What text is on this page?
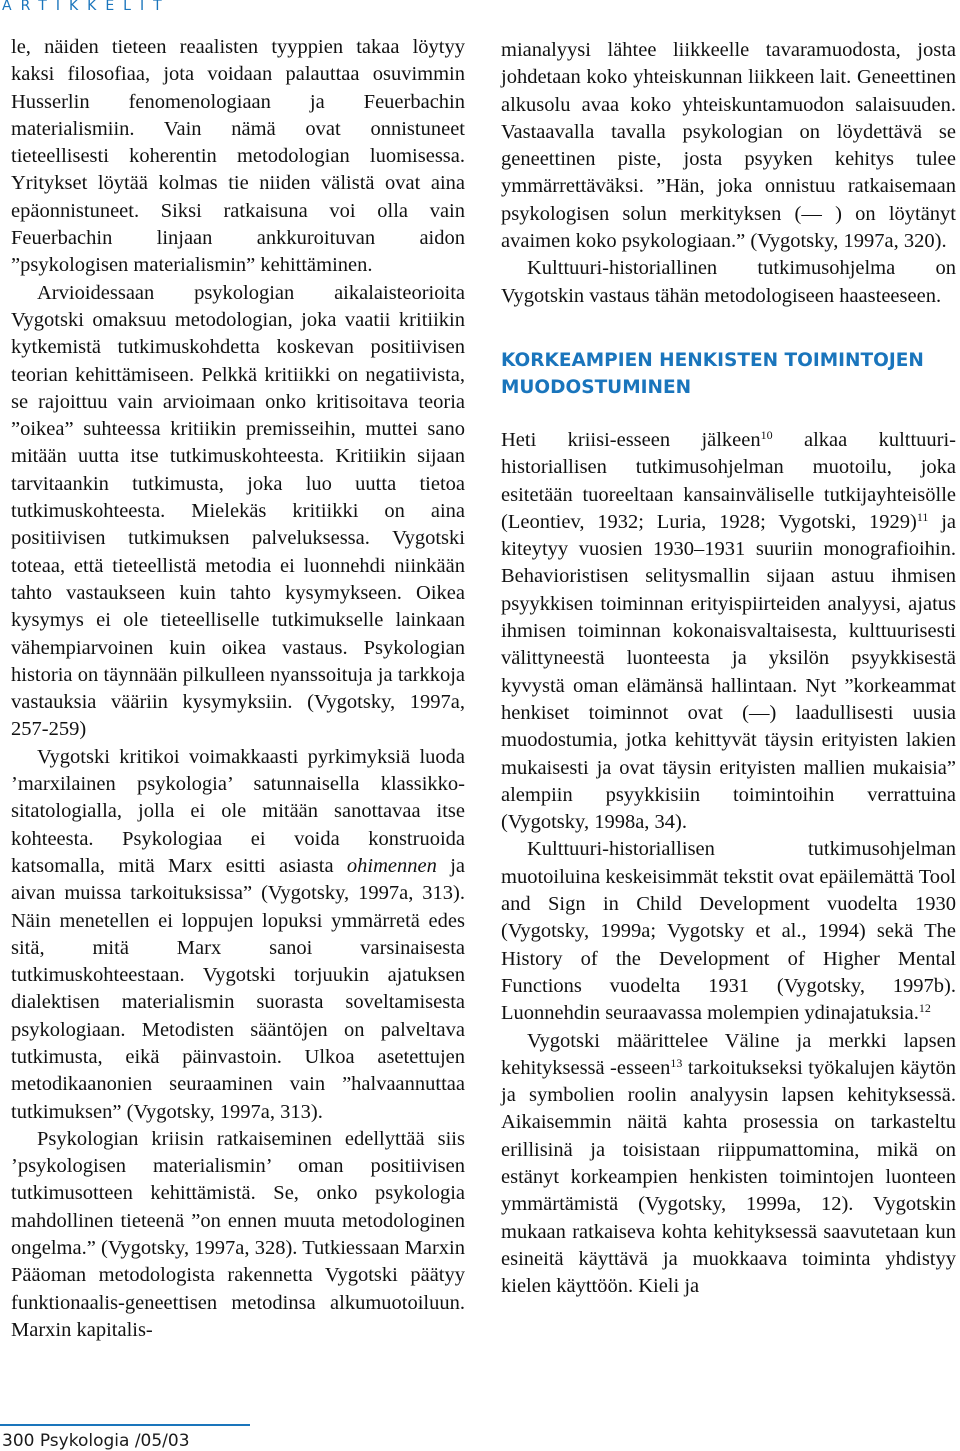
ARTIKKELIT

le, näiden tieteen reaalisten tyyppien takaa löytyy kaksi filosofiaa, jota voidaan palauttaa osuvimmin Husserlin fenomenologiaan ja Feuerbachin materialismiin. Vain nämä ovat onnistuneet tieteellisesti koherentin metodologian luomisessa. Yritykset löytää kolmas tie niiden välistä ovat aina epäonnistuneet. Siksi ratkaisuna voi olla vain Feuerbachin linjaan ankkuroituvan aidon ”psykologisen materialismin” kehittäminen.

Arvioidessaan psykologian aikalaisteorioita Vygotski omaksuu metodologian, joka vaatii kritiikin kytkemistä tutkimuskohdetta koskevan positiivisen teorian kehittämiseen. Pelkkä kritiikki on negatiivista, se rajoittuu vain arvioimaan onko kritisoitava teoria ”oikea” suhteessa kritiikin premisseihin, muttei sano mitään uutta itse tutkimuskohteesta. Kritiikin sijaan tarvitaankin tutkimusta, joka luo uutta tietoa tutkimuskohteesta. Mielekäs kritiikki on aina positiivisen tutkimuksen palveluksessa. Vygotski toteaa, että tieteellistä metodia ei luonnehdi niinkään tahto vastaukseen kuin tahto kysymykseen. Oikea kysymys ei ole tieteelliselle tutkimukselle lainkaan vähempiarvoinen kuin oikea vastaus. Psykologian historia on täynnään pilkulleen nyanssoituja ja tarkkoja vastauksia vääriin kysymyksiin. (Vygotsky, 1997a, 257-259)

Vygotski kritikoi voimakkaasti pyrkimyksiä luoda ’marxilainen psykologia’ satunnaisella klassikko-sitatologialla, jolla ei ole mitään sanottavaa itse kohteesta. Psykologiaa ei voida konstruoida katsomalla, mitä Marx esitti asiasta ohimennen ja aivan muissa tarkoituksissa” (Vygotsky, 1997a, 313). Näin menetellen ei loppujen lopuksi ymmärretä edes sitä, mitä Marx sanoi varsinaisesta tutkimuskohteestaan. Vygotski torjuukin ajatuksen dialektisen materialismin suorasta soveltamisesta psykologiaan. Metodisten sääntöjen on palveltava tutkimusta, eikä päinvastoin. Ulkoa asetettujen metodikaanonien seuraaminen vain ”halvaannuttaa tutkimuksen” (Vygotsky, 1997a, 313).

Psykologian kriisin ratkaiseminen edellyttää siis ’psykologisen materialismin’ oman positiivisen tutkimusotteen kehittämistä. Se, onko psykologia mahdollinen tieteenä ”on ennen muuta metodologinen ongelma.” (Vygotsky, 1997a, 328). Tutkiessaan Marxin Pääoman metodologista rakennetta Vygotski päätyy funktionaalis-geneettisen metodinsa alkumuotoiluun. Marxin kapitalis-

mianalyysi lähtee liikkeelle tavaramuodosta, josta johdetaan koko yhteiskunnan liikkeen lait. Geneettinen alkusolu avaa koko yhteiskuntamuodon salaisuuden. Vastaavalla tavalla psykologian on löydettävä se geneettinen piste, josta psyyken kehitys tulee ymmärrettäväksi. ”Hän, joka onnistuu ratkaisemaan psykologisen solun merkityksen (— ) on löytänyt avaimen koko psykologiaan.” (Vygotsky, 1997a, 320).

Kulttuuri-historiallinen tutkimusohjelma on Vygotskin vastaus tähän metodologiseen haasteeseen.

KORKEAMPIEN HENKISTEN TOIMINTOJEN
MUODOSTUMINEN

Heti kriisi-esseen jälkeen$^{10}$ alkaa kulttuuri-historiallisen tutkimusohjelman muotoilu, joka esitetään tuoreeltaan kansainväliselle tutkijayhteisölle (Leontiev, 1932; Luria, 1928; Vygotski, 1929)$^{11}$ ja kiteytyy vuosien 1930–1931 suuriin monografioihin. Behavioristisen selitysmallin sijaan astuu ihmisen psyykkisen toiminnan erityispiirteiden analyysi, ajatus ihmisen toiminnan kokonaisvaltaisesta, kulttuurisesti välittyneestä luonteesta ja yksilön psyykkisestä kyvystä oman elämänsä hallintaan. Nyt ”korkeammat henkiset toiminnot ovat (—) laadullisesti uusia muodostumia, jotka kehittyvät täysin erityisten lakien mukaisesti ja ovat täysin erityisten mallien mukaisia” alempiin psyykkisiin toimintoihin verrattuina (Vygotsky, 1998a, 34).

Kulttuuri-historiallisen tutkimusohjelman muotoiluina keskeisimmät tekstit ovat epäilemättä Tool and Sign in Child Development vuodelta 1930 (Vygotsky, 1999a; Vygotsky et al., 1994) sekä The History of the Development of Higher Mental Functions vuodelta 1931 (Vygotsky, 1997b). Luonnehdin seuraavassa molempien ydinajatuksia.$^{12}$

Vygotski määrittelee Väline ja merkki lapsen kehityksessä -esseen$^{13}$ tarkoitukseksi työkalujen käytön ja symbolien roolin analyysin lapsen kehityksessä. Aikaisemmin näitä kahta prosessia on tarkasteltu erillisinä ja toisistaan riippumattomina, mikä on estänyt korkeampien henkisten toimintojen luonteen ymmärtämistä (Vygotsky, 1999a, 12). Vygotskin mukaan ratkaiseva kohta kehityksessä saavutetaan kun esineitä käyttävä ja muokkaava toiminta yhdistyy kielen käyttöön. Kieli ja

300 Psykologia /05/03
